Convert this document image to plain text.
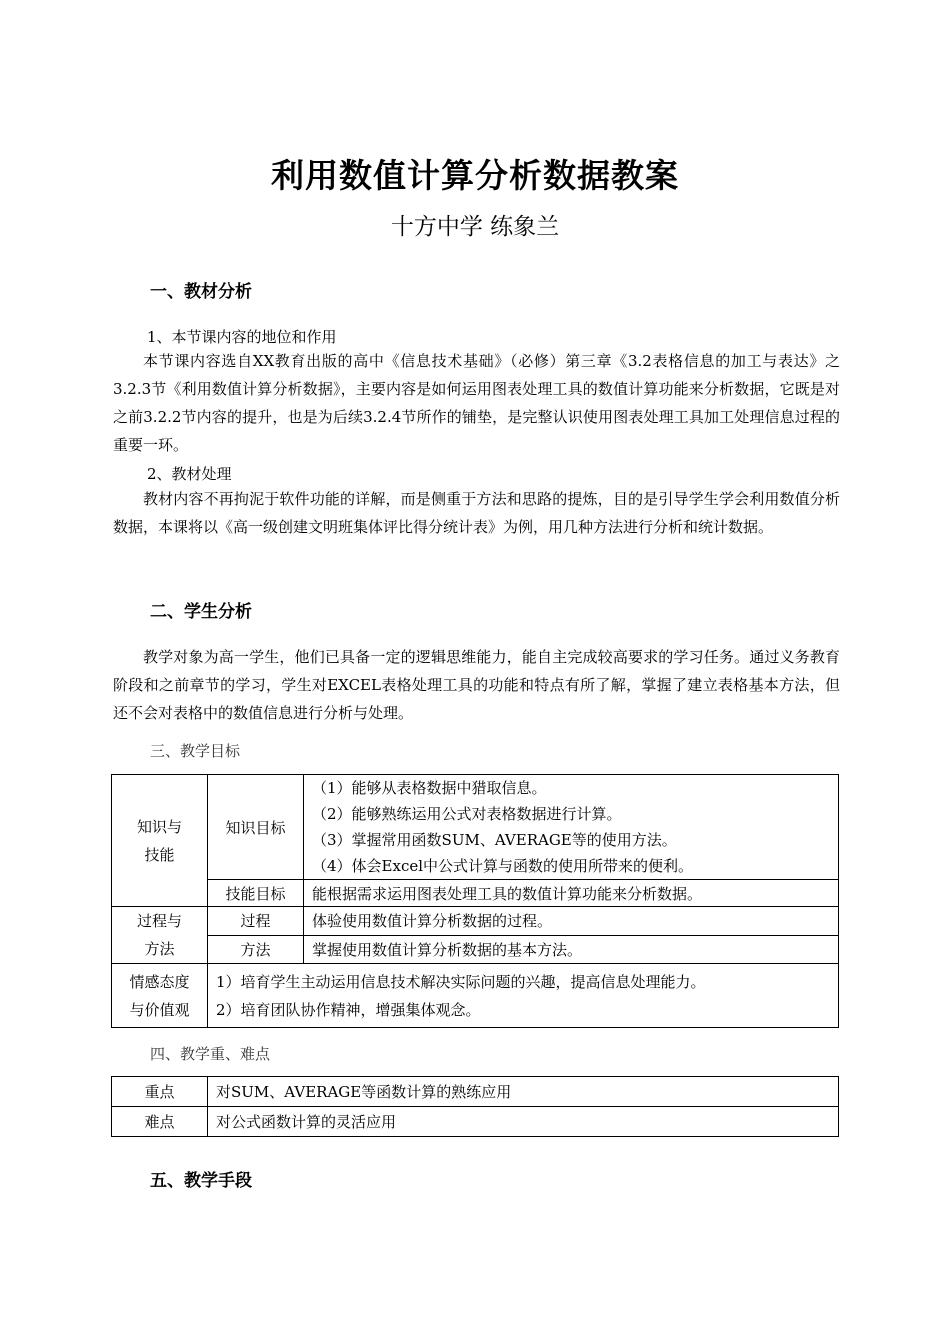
利用数值计算分析数据教案
十方中学 练象兰
一、教材分析
1、本节课内容的地位和作用

本节课内容选自XX教育出版的高中《信息技术基础》（必修）第三章《3.2表格信息的加工与表达》之3.2.3节《利用数值计算分析数据》，主要内容是如何运用图表处理工具的数值计算功能来分析数据，它既是对之前3.2.2节内容的提升，也是为后续3.2.4节所作的铺垫，是完整认识使用图表处理工具加工处理信息过程的重要一环。

2、教材处理

教材内容不再拘泥于软件功能的详解，而是侧重于方法和思路的提炼，目的是引导学生学会利用数值分析数据，本课将以《高一级创建文明班集体评比得分统计表》为例，用几种方法进行分析和统计数据。

二、学生分析

教学对象为高一学生，他们已具备一定的逻辑思维能力，能自主完成较高要求的学习任务。通过义务教育阶段和之前章节的学习，学生对EXCEL表格处理工具的功能和特点有所了解，掌握了建立表格基本方法，但还不会对表格中的数值信息进行分析与处理。

三、教学目标
知识与技能	知识目标	（1）能够从表格数据中猎取信息。
（2）能够熟练运用公式对表格数据进行计算。
（3）掌握常用函数SUM、AVERAGE等的使用方法。
（4）体会Excel中公式计算与函数的使用所带来的便利。

	技能目标	能根据需求运用图表处理工具的数值计算功能来分析数据。
过程与方法	过程	体验使用数值计算分析数据的过程。
	方法	掌握使用数值计算分析数据的基本方法。
情感态度与价值观	1）培育学生主动运用信息技术解决实际问题的兴趣，提高信息处理能力。
2）培育团队协作精神，增强集体观念。	
四、教学重、难点
重点	对SUM、AVERAGE等函数计算的熟练应用
难点	对公式函数计算的灵活应用
五、教学手段
